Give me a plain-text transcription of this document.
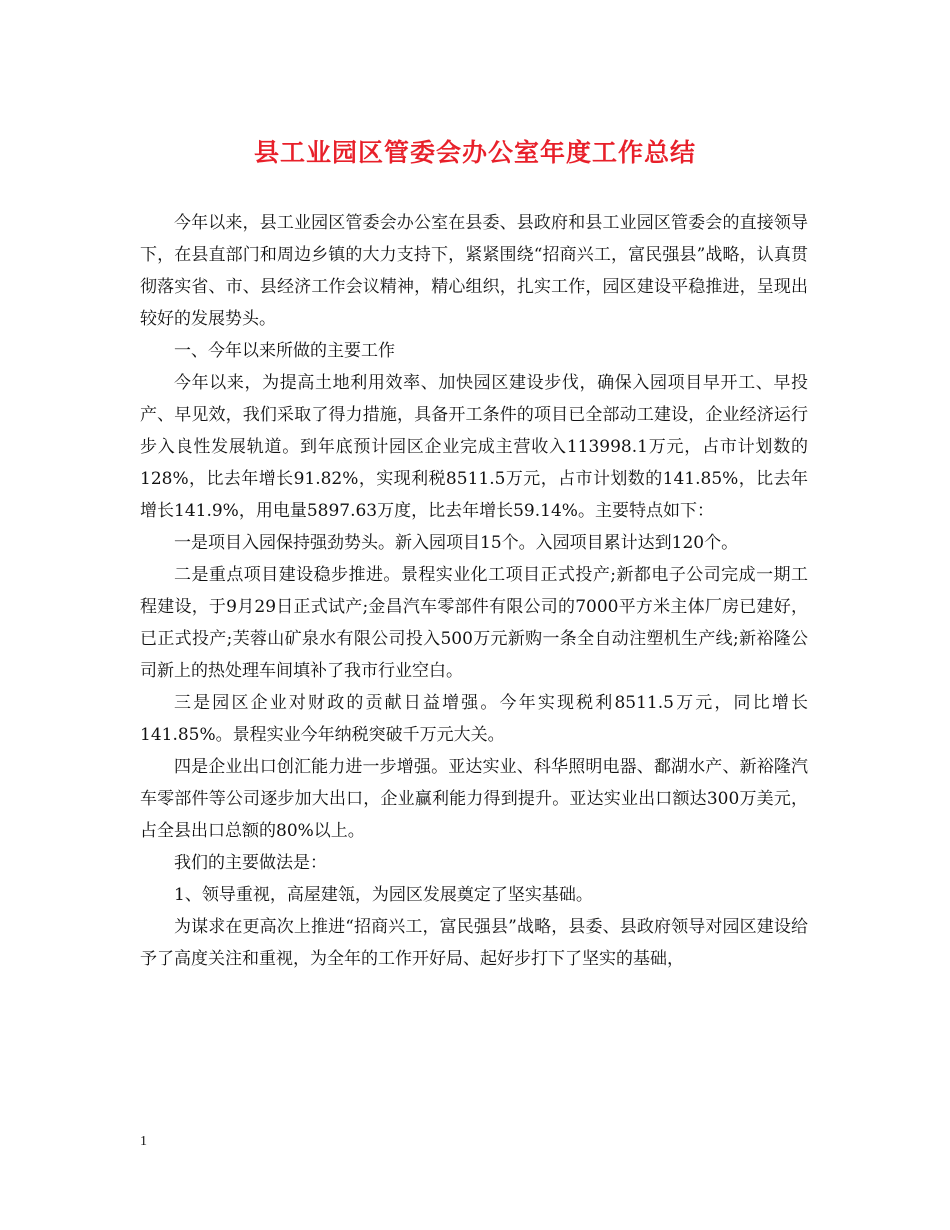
县工业园区管委会办公室年度工作总结

今年以来，县工业园区管委会办公室在县委、县政府和县工业园区管委会的直接领导下，在县直部门和周边乡镇的大力支持下，紧紧围绕“招商兴工，富民强县”战略，认真贯彻落实省、市、县经济工作会议精神，精心组织，扎实工作，园区建设平稳推进，呈现出较好的发展势头。

一、今年以来所做的主要工作

今年以来，为提高土地利用效率、加快园区建设步伐，确保入园项目早开工、早投产、早见效，我们采取了得力措施，具备开工条件的项目已全部动工建设，企业经济运行步入良性发展轨道。到年底预计园区企业完成主营收入113998.1万元，占市计划数的128%，比去年增长91.82%，实现利税8511.5万元，占市计划数的141.85%，比去年增长141.9%，用电量5897.63万度，比去年增长59.14%。主要特点如下：

一是项目入园保持强劲势头。新入园项目15个。入园项目累计达到120个。

二是重点项目建设稳步推进。景程实业化工项目正式投产;新都电子公司完成一期工程建设，于9月29日正式试产;金昌汽车零部件有限公司的7000平方米主体厂房已建好，已正式投产;芙蓉山矿泉水有限公司投入500万元新购一条全自动注塑机生产线;新裕隆公司新上的热处理车间填补了我市行业空白。

三是园区企业对财政的贡献日益增强。今年实现税利8511.5万元，同比增长141.85%。景程实业今年纳税突破千万元大关。

四是企业出口创汇能力进一步增强。亚达实业、科华照明电器、鄱湖水产、新裕隆汽车零部件等公司逐步加大出口，企业赢利能力得到提升。亚达实业出口额达300万美元，占全县出口总额的80%以上。

我们的主要做法是：

1、领导重视，高屋建瓴，为园区发展奠定了坚实基础。

为谋求在更高次上推进“招商兴工，富民强县”战略，县委、县政府领导对园区建设给予了高度关注和重视，为全年的工作开好局、起好步打下了坚实的基础，

1
